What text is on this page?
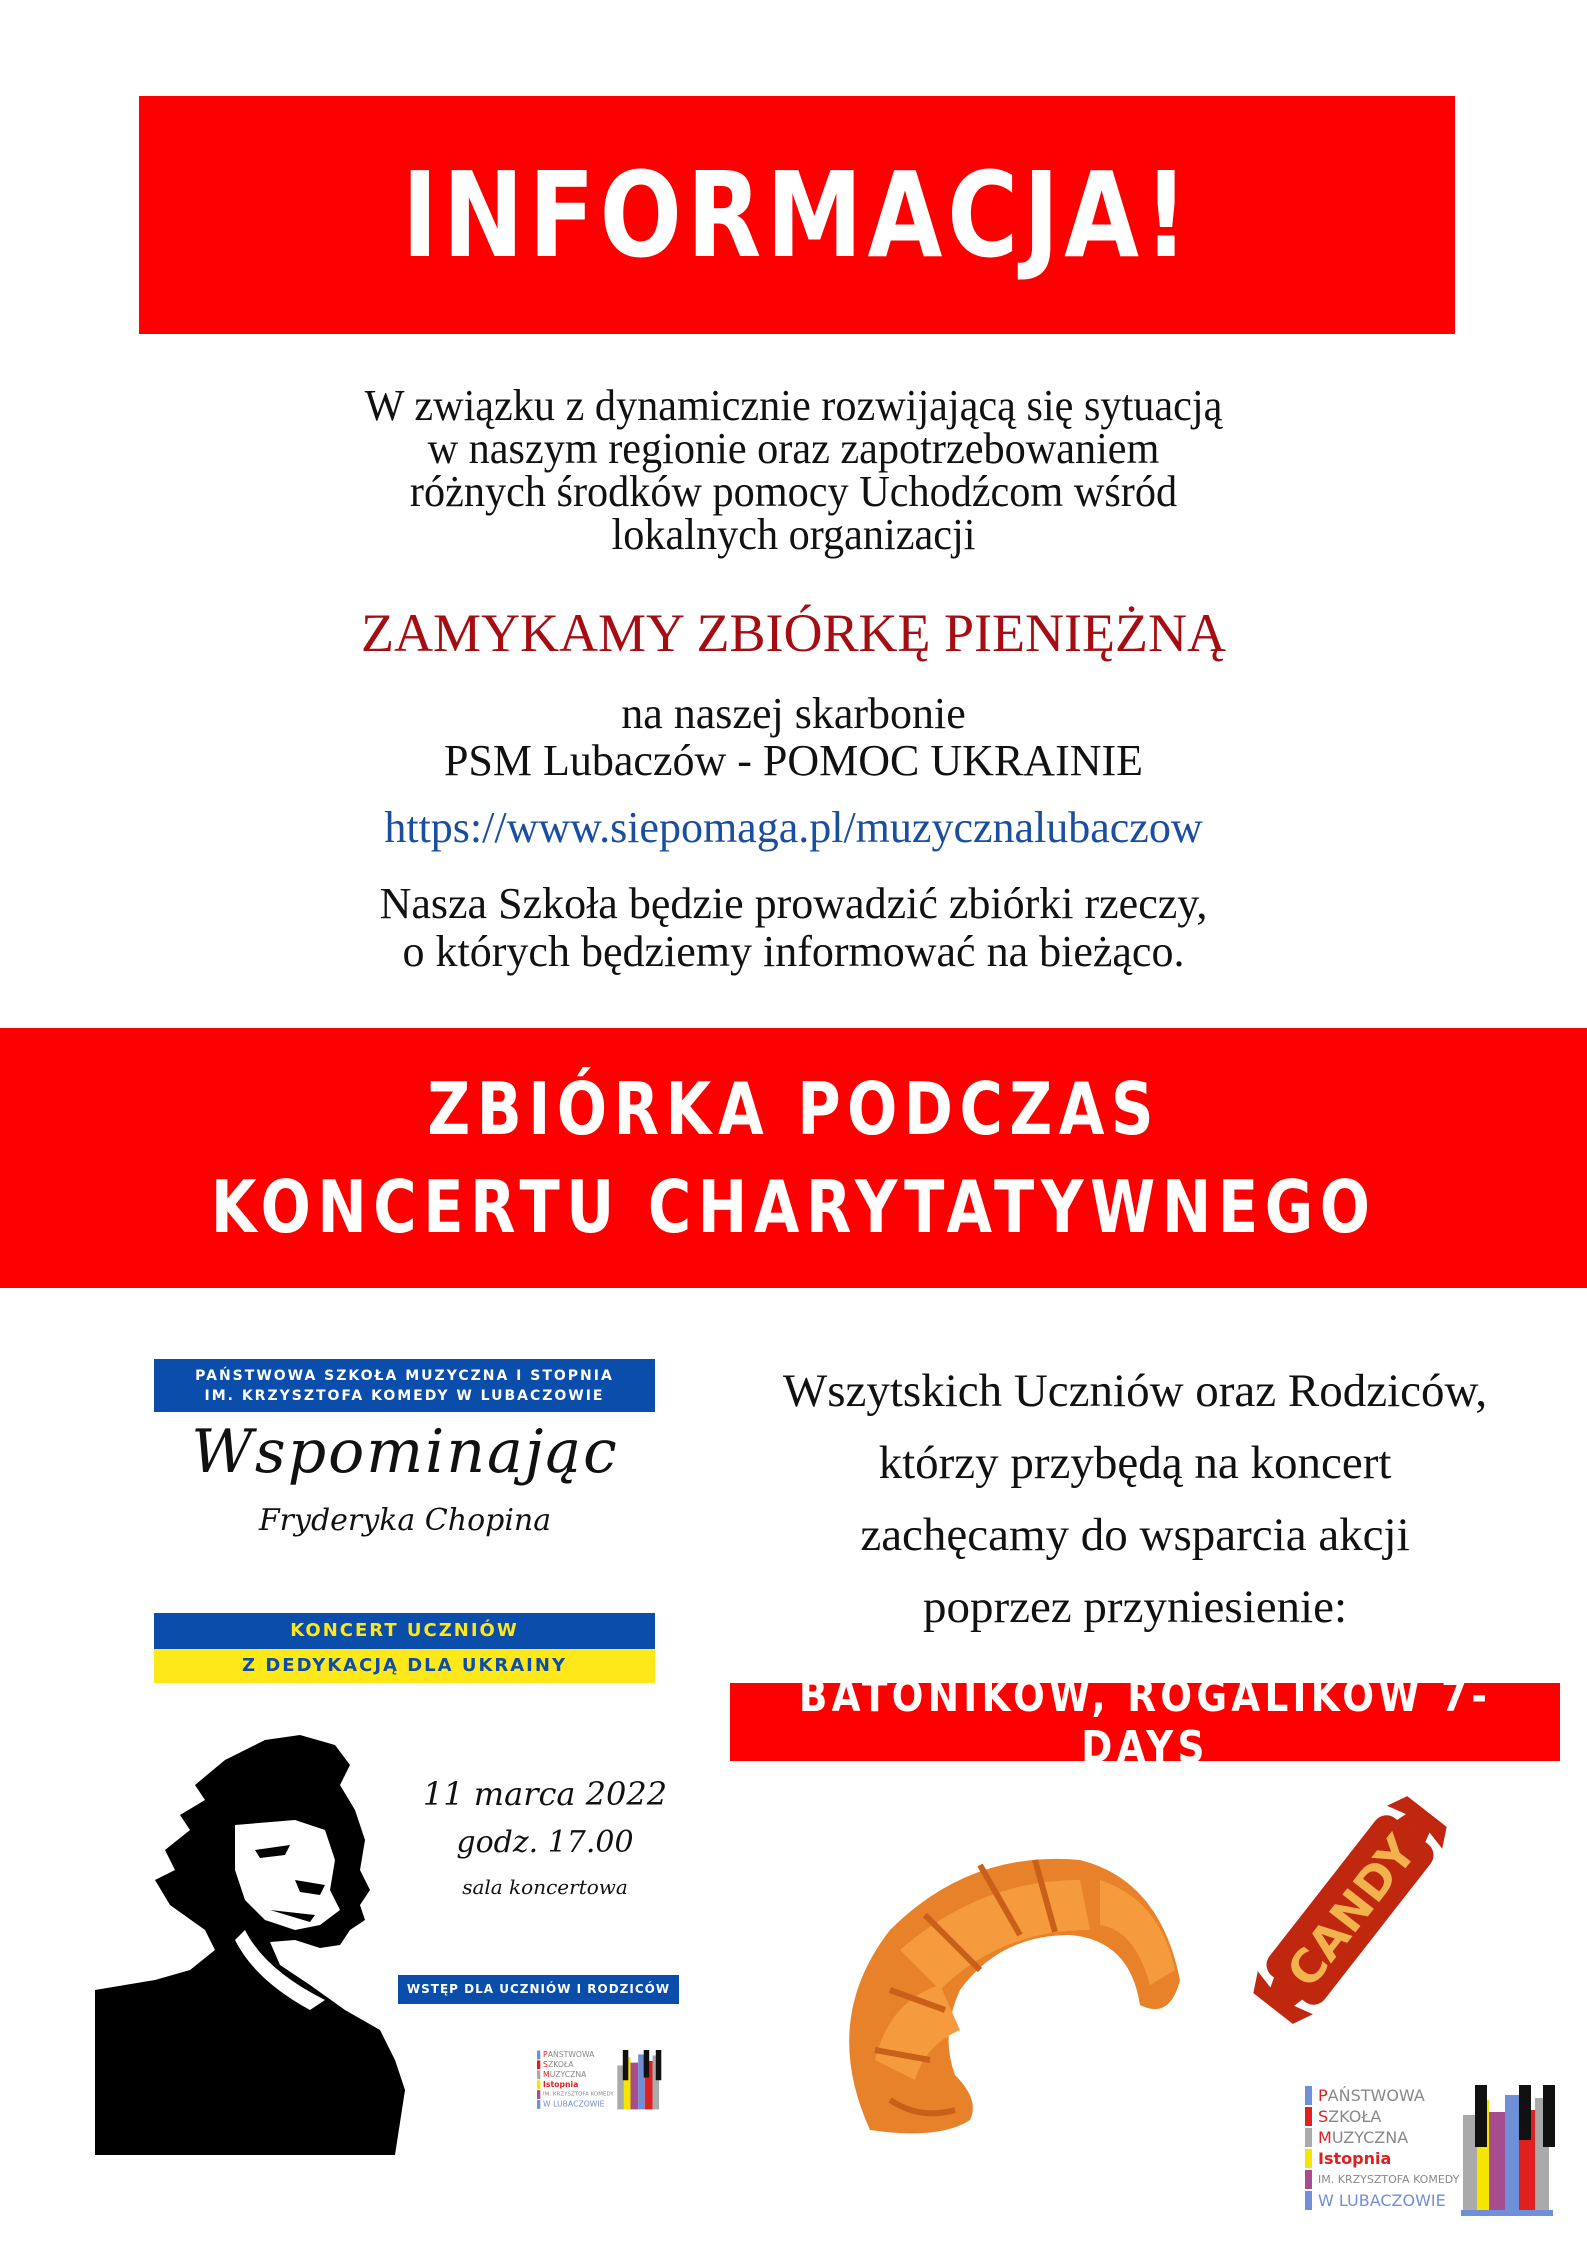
INFORMACJA!
W związku z dynamicznie rozwijającą się sytuacją
w naszym regionie oraz zapotrzebowaniem
różnych środków pomocy Uchodźcom wśród
lokalnych organizacji
ZAMYKAMY ZBIÓRKĘ PIENIĘŻNĄ
na naszej skarbonie
PSM Lubaczów - POMOC UKRAINIE
https://www.siepomaga.pl/muzycznalubaczow
Nasza Szkoła będzie prowadzić zbiórki rzeczy,
o których będziemy informować na bieżąco.
ZBIÓRKA PODCZAS
KONCERTU CHARYTATYWNEGO
PAŃSTWOWA SZKOŁA MUZYCZNA I STOPNIA
IM. KRZYSZTOFA KOMEDY W LUBACZOWIE
Wspominając
Fryderyka Chopina
KONCERT UCZNIÓW
Z DEDYKACJĄ DLA UKRAINY
11 marca 2022
godz. 17.00
sala koncertowa
WSTĘP DLA UCZNIÓW I RODZICÓW
P AŃSTWOWA
S ZKOŁA
M UZYCZNA
I stopnia
IM. KRZYSZTOFA KOMEDY
W LUBACZOWIE
Wszytskich Uczniów oraz Rodziców,
którzy przybędą na koncert
zachęcamy do wsparcia akcji
poprzez przyniesienie:
BATONIKÓW, ROGALIKÓW 7-DAYS
CANDY
P AŃSTWOWA
S ZKOŁA
M UZYCZNA
I stopnia
IM. KRZYSZTOFA KOMEDY
W LUBACZOWIE
